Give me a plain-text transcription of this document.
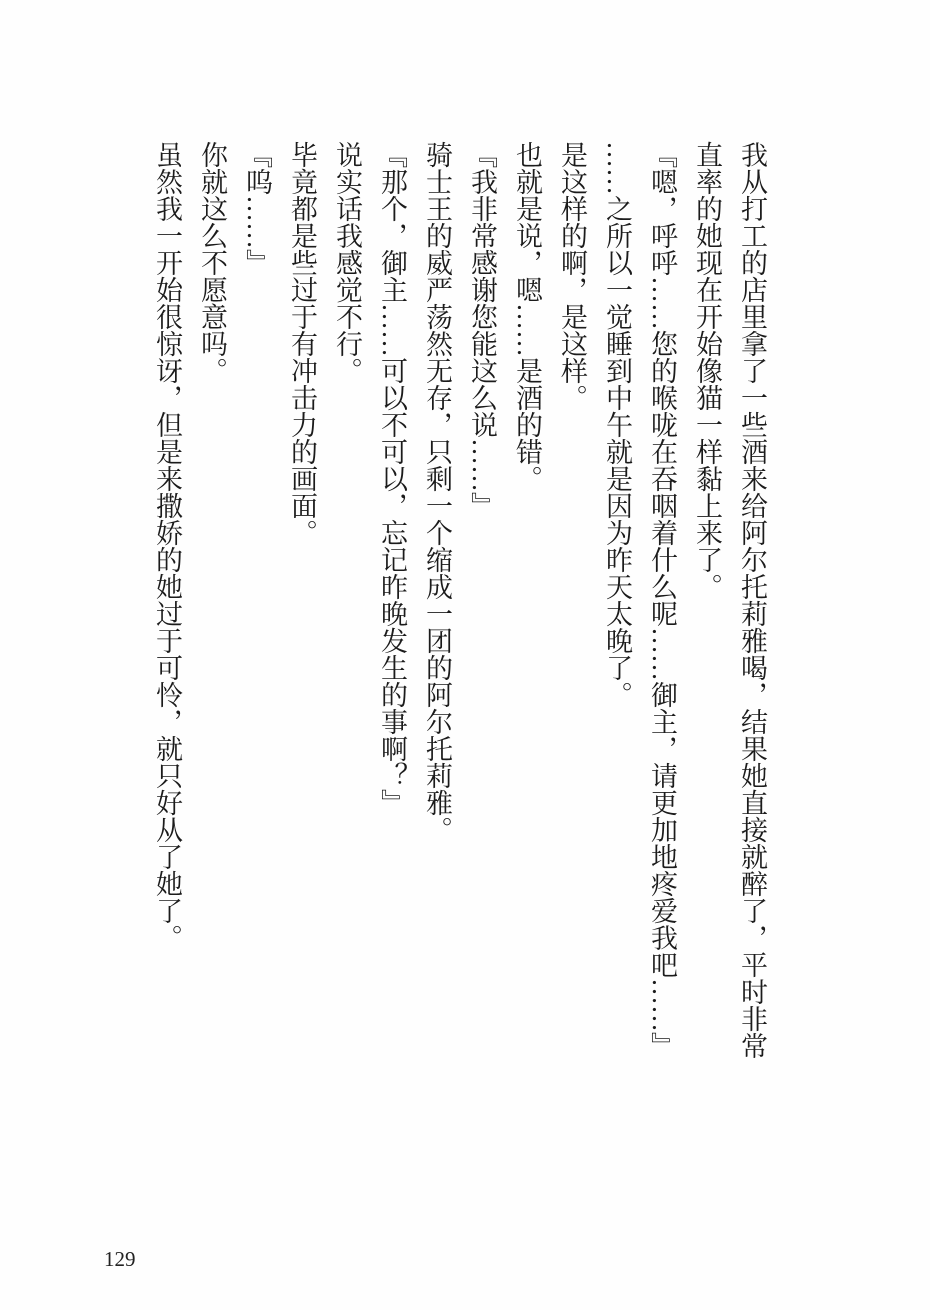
我从打工的店里拿了一些酒来给阿尔托莉雅喝，结果她直接就醉了，平时非常直率的她现在开始像猫一样黏上来了。

『嗯，呼呼……您的喉咙在吞咽着什么呢……御主，请更加地疼爱我吧……』

……之所以一觉睡到中午就是因为昨天太晚了。

是这样的啊，是这样。

也就是说，嗯……是酒的错。

『我非常感谢您能这么说……』

骑士王的威严荡然无存，只剩一个缩成一团的阿尔托莉雅。

『那个，御主……可以不可以，忘记昨晚发生的事啊？』

说实话我感觉不行。

毕竟都是些过于有冲击力的画面。

『呜……』

你就这么不愿意吗。

虽然我一开始很惊讶，但是来撒娇的她过于可怜，就只好从了她了。

129
